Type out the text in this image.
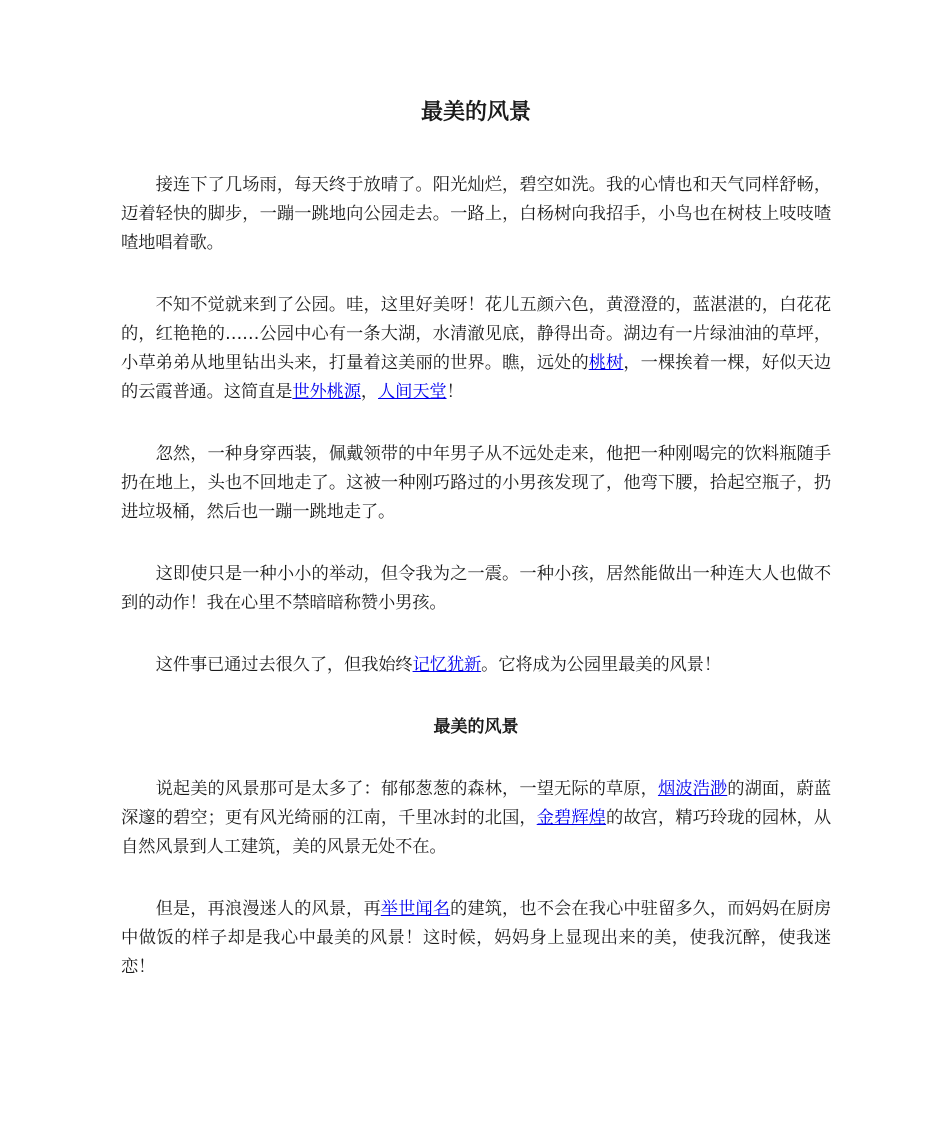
最美的风景

接连下了几场雨，每天终于放晴了。阳光灿烂，碧空如洗。我的心情也和天气同样舒畅，迈着轻快的脚步，一蹦一跳地向公园走去。一路上，白杨树向我招手，小鸟也在树枝上吱吱喳喳地唱着歌。

不知不觉就来到了公园。哇，这里好美呀！花儿五颜六色，黄澄澄的，蓝湛湛的，白花花的，红艳艳的……公园中心有一条大湖，水清澈见底，静得出奇。湖边有一片绿油油的草坪，小草弟弟从地里钻出头来，打量着这美丽的世界。瞧，远处的桃树，一棵挨着一棵，好似天边的云霞普通。这简直是世外桃源，人间天堂！

忽然，一种身穿西装，佩戴领带的中年男子从不远处走来，他把一种刚喝完的饮料瓶随手扔在地上，头也不回地走了。这被一种刚巧路过的小男孩发现了，他弯下腰，拾起空瓶子，扔进垃圾桶，然后也一蹦一跳地走了。

这即使只是一种小小的举动，但令我为之一震。一种小孩，居然能做出一种连大人也做不到的动作！我在心里不禁暗暗称赞小男孩。

这件事已通过去很久了，但我始终记忆犹新。它将成为公园里最美的风景！

最美的风景

说起美的风景那可是太多了：郁郁葱葱的森林，一望无际的草原，烟波浩渺的湖面，蔚蓝深邃的碧空；更有风光绮丽的江南，千里冰封的北国，金碧辉煌的故宫，精巧玲珑的园林，从自然风景到人工建筑，美的风景无处不在。

但是，再浪漫迷人的风景，再举世闻名的建筑，也不会在我心中驻留多久，而妈妈在厨房中做饭的样子却是我心中最美的风景！这时候，妈妈身上显现出来的美，使我沉醉，使我迷恋！
